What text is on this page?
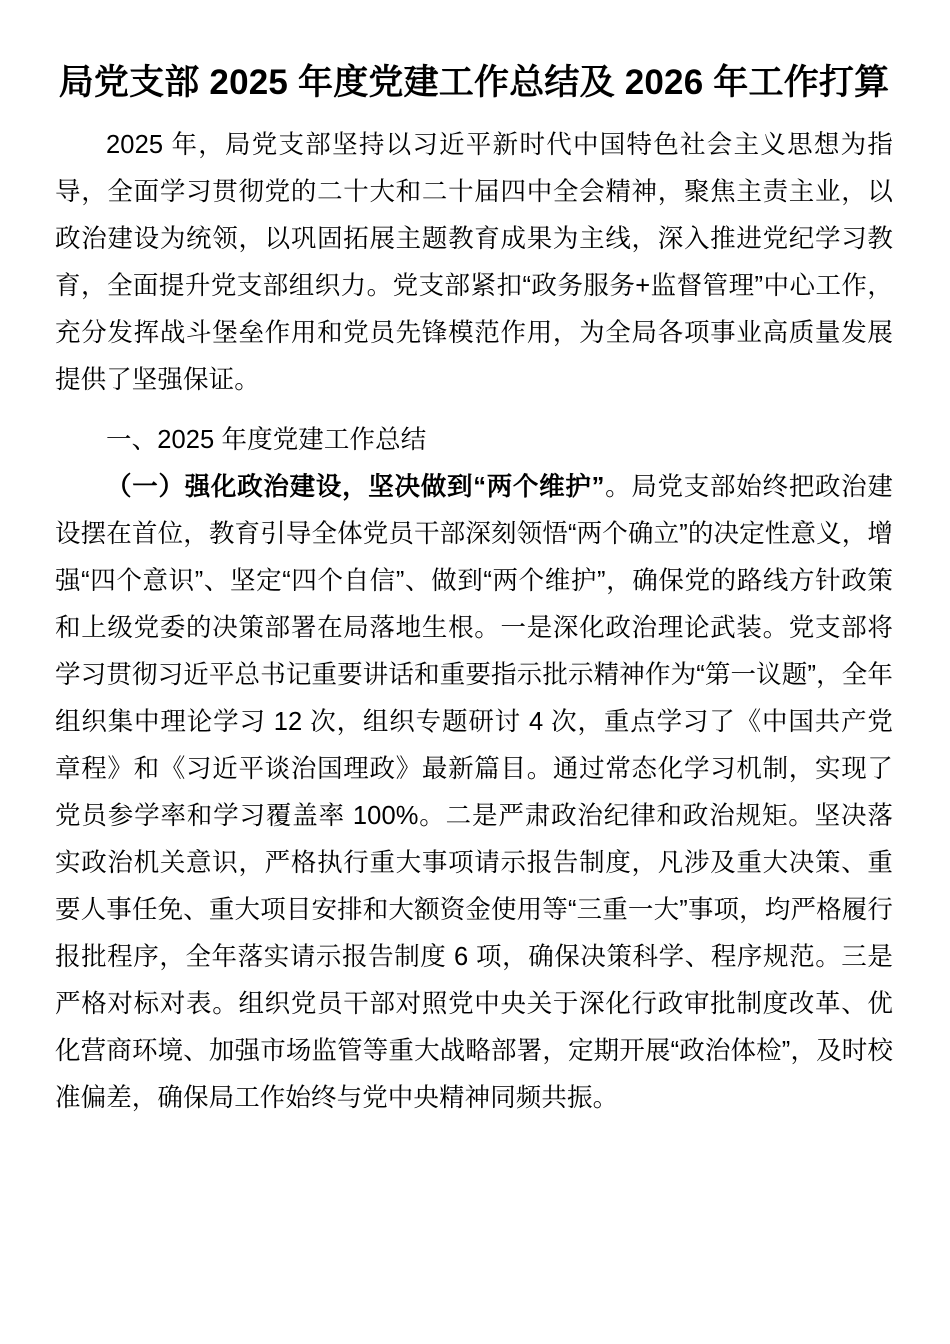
局党支部 2025 年度党建工作总结及 2026 年工作打算

2025 年，局党支部坚持以习近平新时代中国特色社会主义思想为指导，全面学习贯彻党的二十大和二十届四中全会精神，聚焦主责主业，以政治建设为统领，以巩固拓展主题教育成果为主线，深入推进党纪学习教育，全面提升党支部组织力。党支部紧扣“政务服务+监督管理”中心工作，充分发挥战斗堡垒作用和党员先锋模范作用，为全局各项事业高质量发展提供了坚强保证。

一、2025 年度党建工作总结

（一）强化政治建设，坚决做到“两个维护”。局党支部始终把政治建设摆在首位，教育引导全体党员干部深刻领悟“两个确立”的决定性意义，增强“四个意识”、坚定“四个自信”、做到“两个维护”，确保党的路线方针政策和上级党委的决策部署在局落地生根。一是深化政治理论武装。党支部将学习贯彻习近平总书记重要讲话和重要指示批示精神作为“第一议题”，全年组织集中理论学习 12 次，组织专题研讨 4 次，重点学习了《中国共产党章程》和《习近平谈治国理政》最新篇目。通过常态化学习机制，实现了党员参学率和学习覆盖率 100%。二是严肃政治纪律和政治规矩。坚决落实政治机关意识，严格执行重大事项请示报告制度，凡涉及重大决策、重要人事任免、重大项目安排和大额资金使用等“三重一大”事项，均严格履行报批程序，全年落实请示报告制度 6 项，确保决策科学、程序规范。三是严格对标对表。组织党员干部对照党中央关于深化行政审批制度改革、优化营商环境、加强市场监管等重大战略部署，定期开展“政治体检”，及时校准偏差，确保局工作始终与党中央精神同频共振。
